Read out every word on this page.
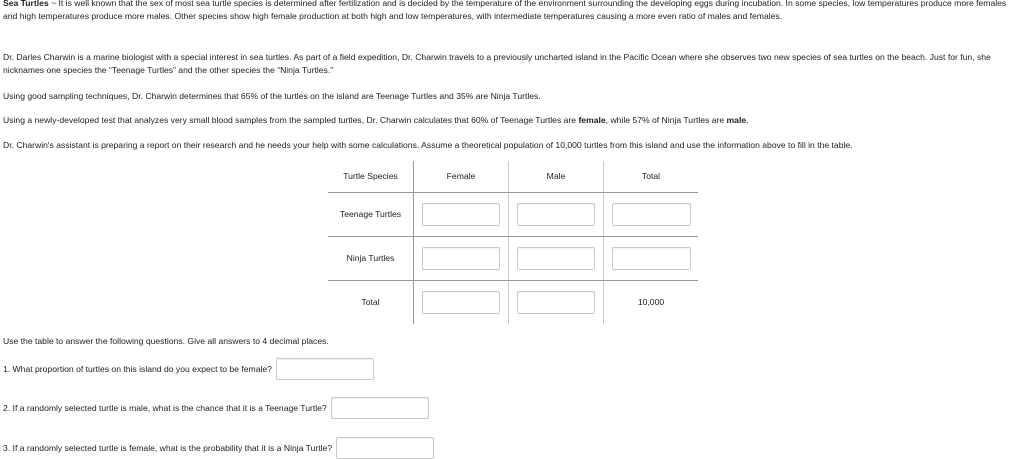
Sea Turtles ~ It is well known that the sex of most sea turtle species is determined after fertilization and is decided by the temperature of the environment surrounding the developing eggs during incubation. In some species, low temperatures produce more females and high temperatures produce more males. Other species show high female production at both high and low temperatures, with intermediate temperatures causing a more even ratio of males and females.

Dr. Darles Charwin is a marine biologist with a special interest in sea turtles. As part of a field expedition, Dr. Charwin travels to a previously uncharted island in the Pacific Ocean where she observes two new species of sea turtles on the beach. Just for fun, she nicknames one species the “Teenage Turtles” and the other species the “Ninja Turtles.”

Using good sampling techniques, Dr. Charwin determines that 65% of the turtles on the island are Teenage Turtles and 35% are Ninja Turtles.

Using a newly-developed test that analyzes very small blood samples from the sampled turtles, Dr. Charwin calculates that 60% of Teenage Turtles are female, while 57% of Ninja Turtles are male.

Dr. Charwin's assistant is preparing a report on their research and he needs your help with some calculations. Assume a theoretical population of 10,000 turtles from this island and use the information above to fill in the table.

Turtle Species	Female	Male	Total
Teenage Turtles			
Ninja Turtles			
Total			10,000

Use the table to answer the following questions. Give all answers to 4 decimal places.

1. What proportion of turtles on this island do you expect to be female?
2. If a randomly selected turtle is male, what is the chance that it is a Teenage Turtle?
3. If a randomly selected turtle is female, what is the probability that it is a Ninja Turtle?
